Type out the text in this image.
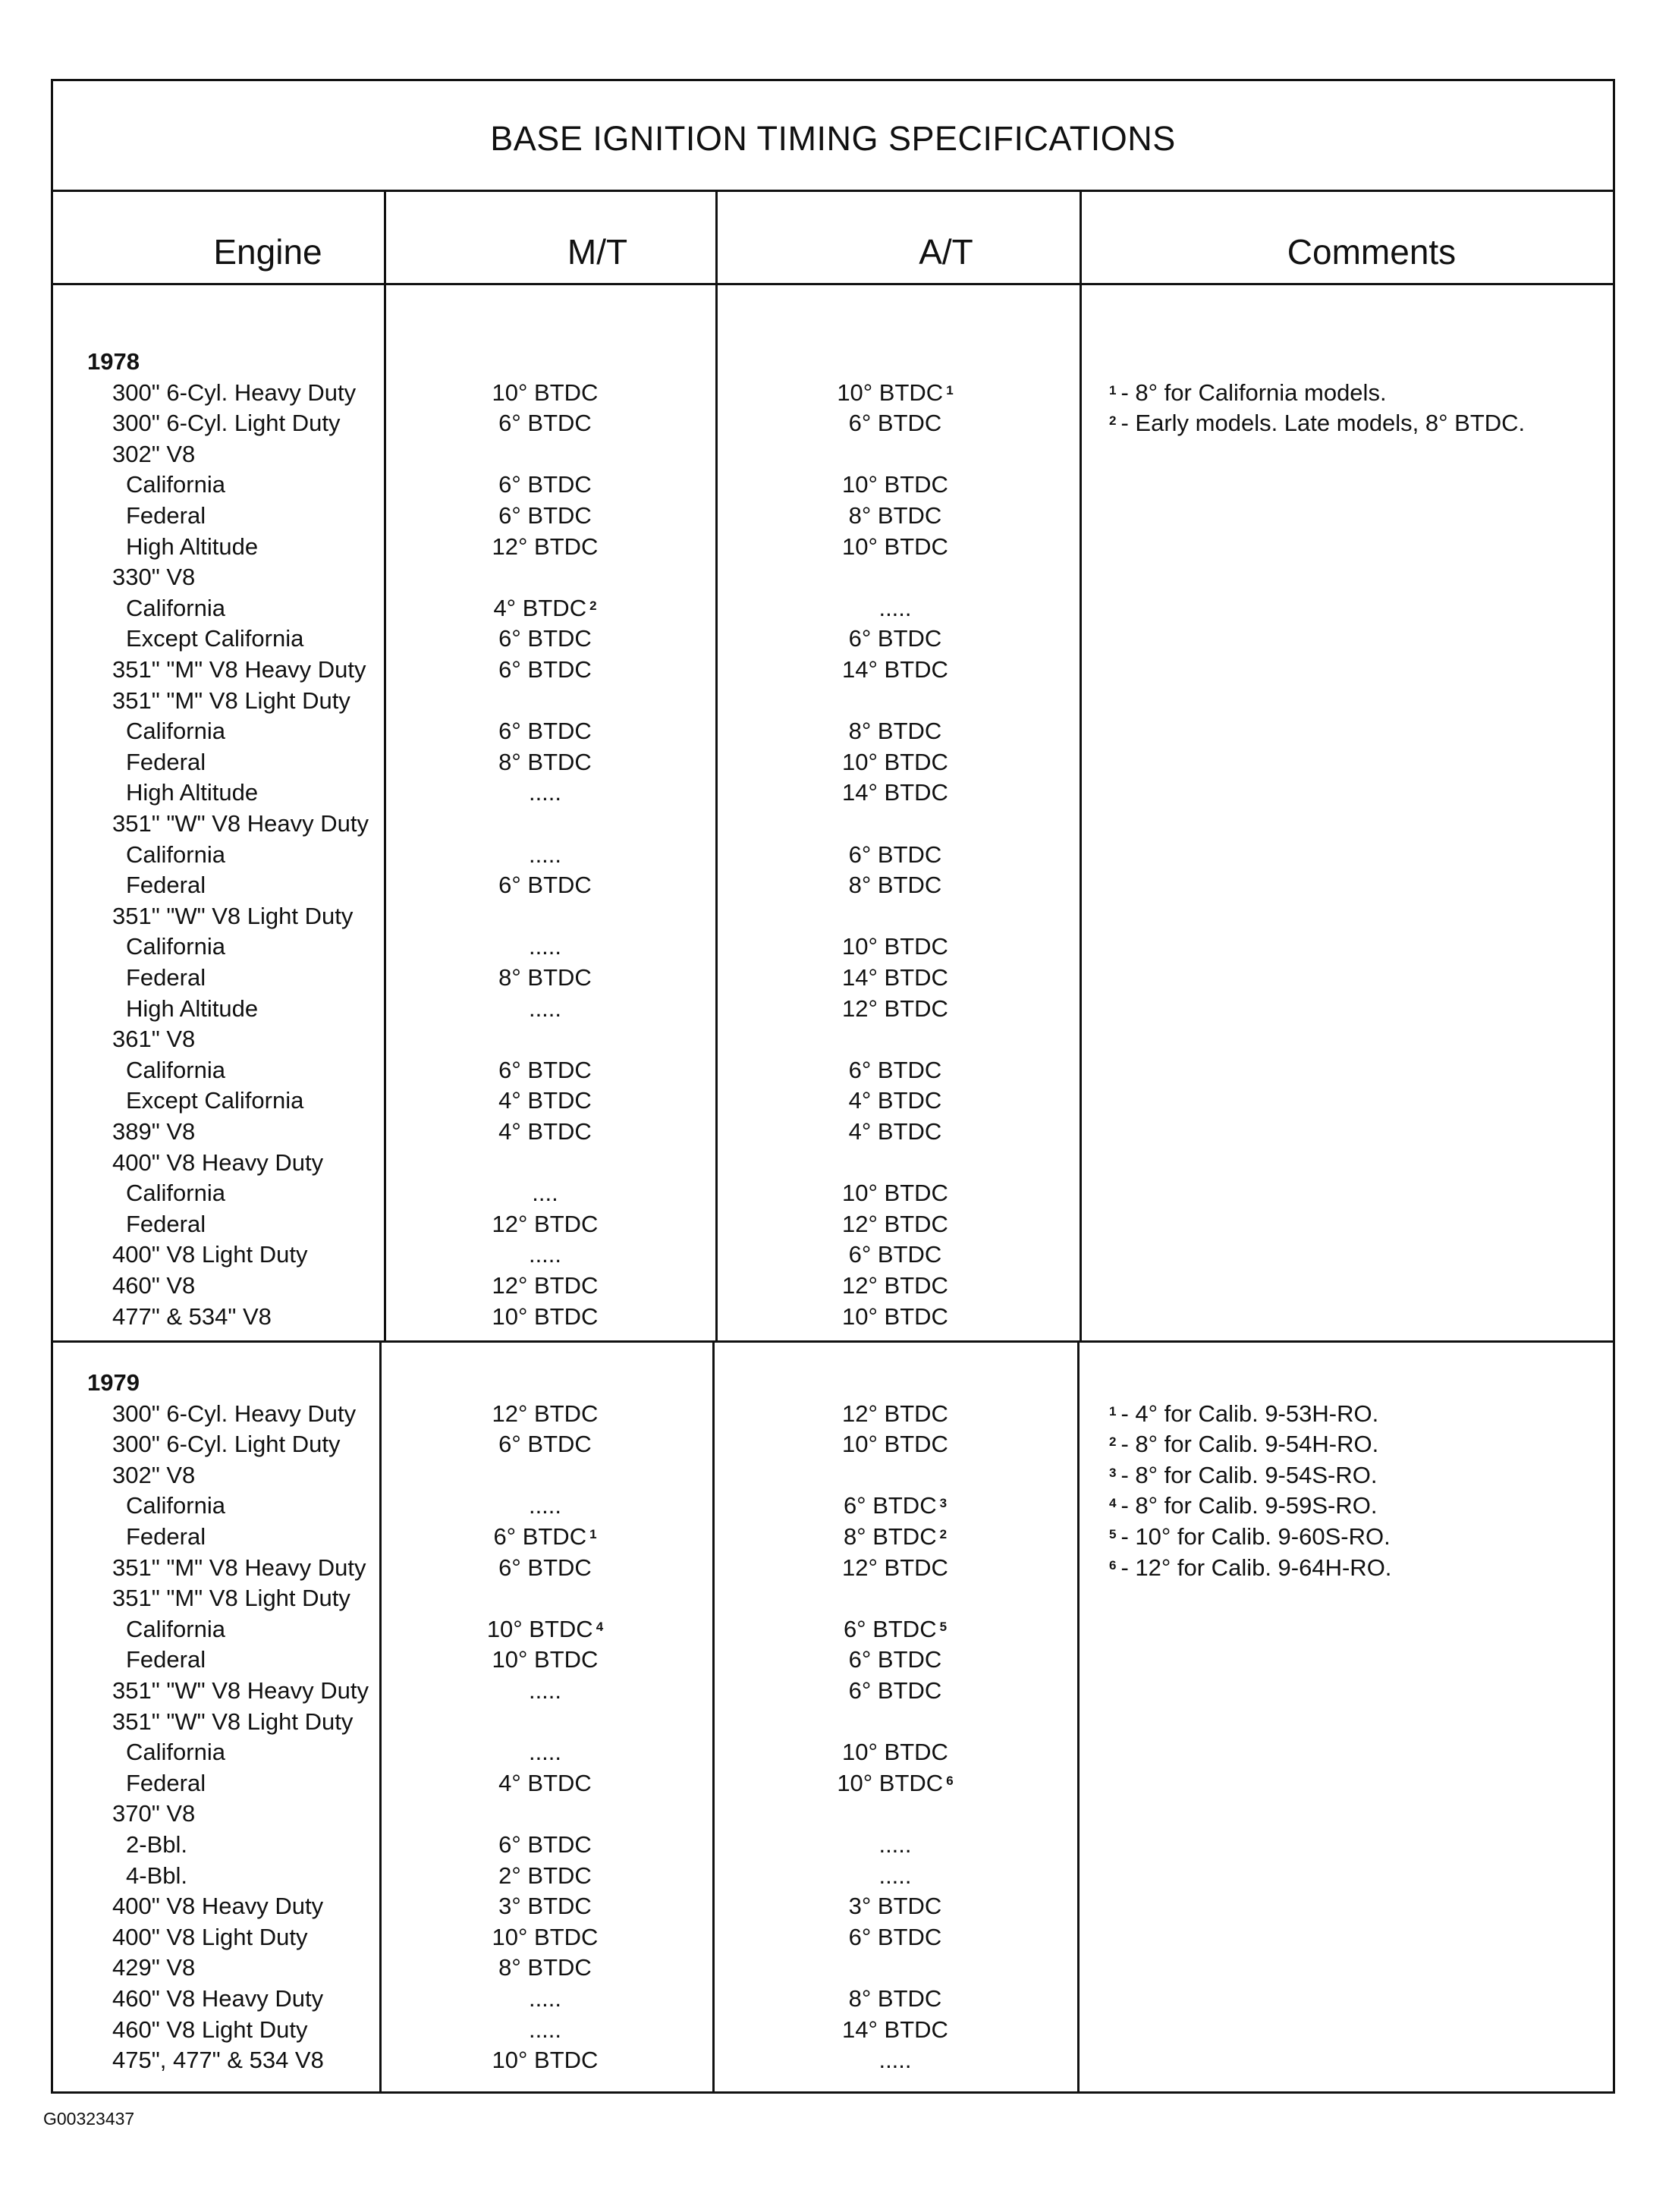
BASE IGNITION TIMING SPECIFICATIONS
Engine	M/T	A/T	Comments
1978
300" 6-Cyl. Heavy Duty	10° BTDC	10° BTDC $^1$
300" 6-Cyl. Light Duty	6° BTDC	6° BTDC
302" V8
California	6° BTDC	10° BTDC
Federal	6° BTDC	8° BTDC
High Altitude	12° BTDC	10° BTDC
330" V8
California	4° BTDC $^2$	.....
Except California	6° BTDC	6° BTDC
351" "M" V8 Heavy Duty	6° BTDC	14° BTDC
351" "M" V8 Light Duty
California	6° BTDC	8° BTDC
Federal	8° BTDC	10° BTDC
High Altitude	.....	14° BTDC
351" "W" V8 Heavy Duty
California	.....	6° BTDC
Federal	6° BTDC	8° BTDC
351" "W" V8 Light Duty
California	.....	10° BTDC
Federal	8° BTDC	14° BTDC
High Altitude	.....	12° BTDC
361" V8
California	6° BTDC	6° BTDC
Except California	4° BTDC	4° BTDC
389" V8	4° BTDC	4° BTDC
400" V8 Heavy Duty
California	....	10° BTDC
Federal	12° BTDC	12° BTDC
400" V8 Light Duty	.....	6° BTDC
460" V8	12° BTDC	12° BTDC
477" & 534" V8	10° BTDC	10° BTDC
$^1$ - 8° for California models.
$^2$ - Early models. Late models, 8° BTDC.
1979
300" 6-Cyl. Heavy Duty	12° BTDC	12° BTDC
300" 6-Cyl. Light Duty	6° BTDC	10° BTDC
302" V8
California	.....	6° BTDC $^3$
Federal	6° BTDC $^1$	8° BTDC $^2$
351" "M" V8 Heavy Duty	6° BTDC	12° BTDC
351" "M" V8 Light Duty
California	10° BTDC $^4$	6° BTDC $^5$
Federal	10° BTDC	6° BTDC
351" "W" V8 Heavy Duty	.....	6° BTDC
351" "W" V8 Light Duty
California	.....	10° BTDC
Federal	4° BTDC	10° BTDC $^6$
370" V8
2-Bbl.	6° BTDC	.....
4-Bbl.	2° BTDC	.....
400" V8 Heavy Duty	3° BTDC	3° BTDC
400" V8 Light Duty	10° BTDC	6° BTDC
429" V8	8° BTDC
460" V8 Heavy Duty	.....	8° BTDC
460" V8 Light Duty	.....	14° BTDC
475", 477" & 534 V8	10° BTDC	.....
$^1$ - 4° for Calib. 9-53H-RO.
$^2$ - 8° for Calib. 9-54H-RO.
$^3$ - 8° for Calib. 9-54S-RO.
$^4$ - 8° for Calib. 9-59S-RO.
$^5$ - 10° for Calib. 9-60S-RO.
$^6$ - 12° for Calib. 9-64H-RO.
G00323437
